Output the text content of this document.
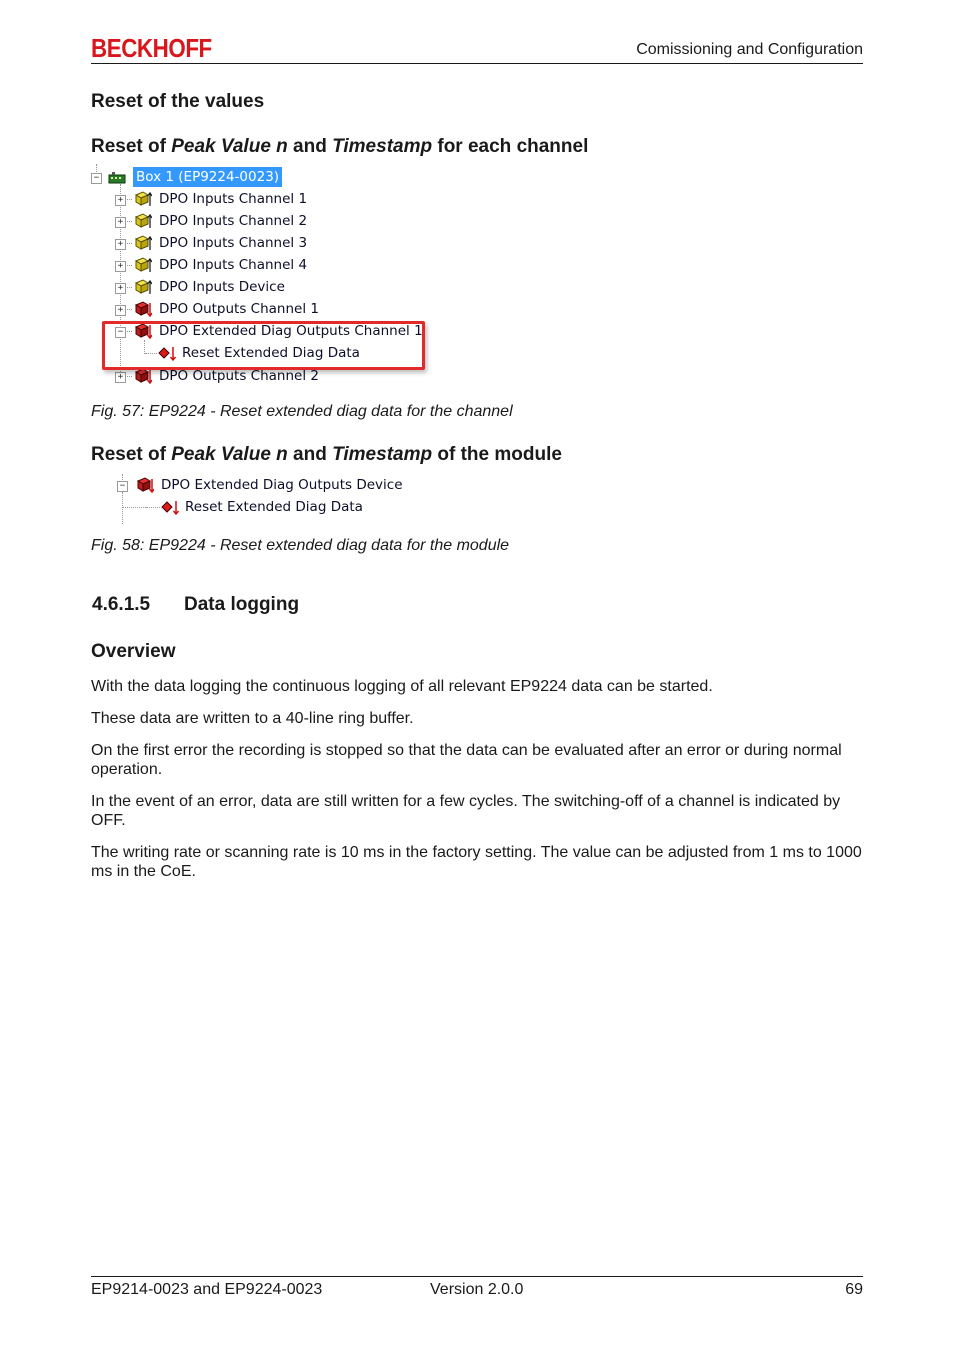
BECKHOFF	Comissioning and Configuration
Reset of the values
Reset of Peak Value n and Timestamp for each channel
−	Box 1 (EP9224-0023)
+	DPO Inputs Channel 1
+	DPO Inputs Channel 2
+	DPO Inputs Channel 3
+	DPO Inputs Channel 4
+	DPO Inputs Device
+	DPO Outputs Channel 1
−	DPO Extended Diag Outputs Channel 1
Reset Extended Diag Data
+	DPO Outputs Channel 2
Fig. 57: EP9224 - Reset extended diag data for the channel
Reset of Peak Value n and Timestamp of the module
−	DPO Extended Diag Outputs Device
Reset Extended Diag Data
Fig. 58: EP9224 - Reset extended diag data for the module
4.6.1.5 Data logging
Overview

With the data logging the continuous logging of all relevant EP9224 data can be started.

These data are written to a 40-line ring buffer.

On the first error the recording is stopped so that the data can be evaluated after an error or during normal operation.

In the event of an error, data are still written for a few cycles. The switching-off of a channel is indicated by OFF.

The writing rate or scanning rate is 10 ms in the factory setting. The value can be adjusted from 1 ms to 1000 ms in the CoE.

EP9214-0023 and EP9224-0023	Version 2.0.0	69
